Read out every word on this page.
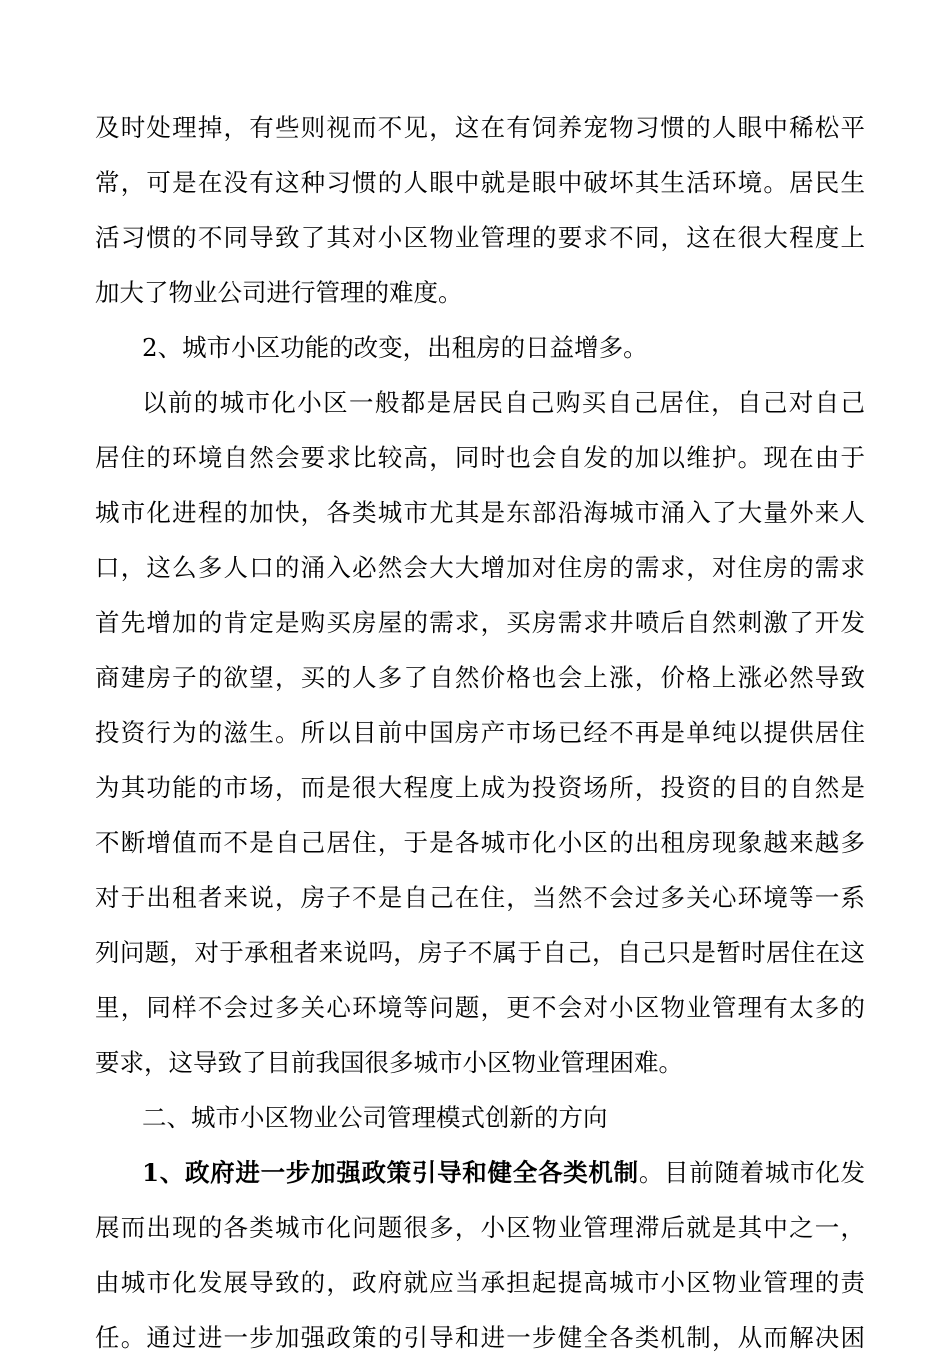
及时处理掉，有些则视而不见，这在有饲养宠物习惯的人眼中稀松平
常，可是在没有这种习惯的人眼中就是眼中破坏其生活环境。居民生
活习惯的不同导致了其对小区物业管理的要求不同，这在很大程度上
加大了物业公司进行管理的难度。
2、城市小区功能的改变，出租房的日益增多。
以前的城市化小区一般都是居民自己购买自己居住，自己对自己
居住的环境自然会要求比较高，同时也会自发的加以维护。现在由于
城市化进程的加快，各类城市尤其是东部沿海城市涌入了大量外来人
口，这么多人口的涌入必然会大大增加对住房的需求，对住房的需求
首先增加的肯定是购买房屋的需求，买房需求井喷后自然刺激了开发
商建房子的欲望，买的人多了自然价格也会上涨，价格上涨必然导致
投资行为的滋生。所以目前中国房产市场已经不再是单纯以提供居住
为其功能的市场，而是很大程度上成为投资场所，投资的目的自然是
不断增值而不是自己居住，于是各城市化小区的出租房现象越来越多
对于出租者来说，房子不是自己在住，当然不会过多关心环境等一系
列问题，对于承租者来说吗，房子不属于自己，自己只是暂时居住在这
里，同样不会过多关心环境等问题，更不会对小区物业管理有太多的
要求，这导致了目前我国很多城市小区物业管理困难。
二、城市小区物业公司管理模式创新的方向
1、政府进一步加强政策引导和健全各类机制。目前随着城市化发
展而出现的各类城市化问题很多，小区物业管理滞后就是其中之一，
由城市化发展导致的，政府就应当承担起提高城市小区物业管理的责
任。通过进一步加强政策的引导和进一步健全各类机制，从而解决困
